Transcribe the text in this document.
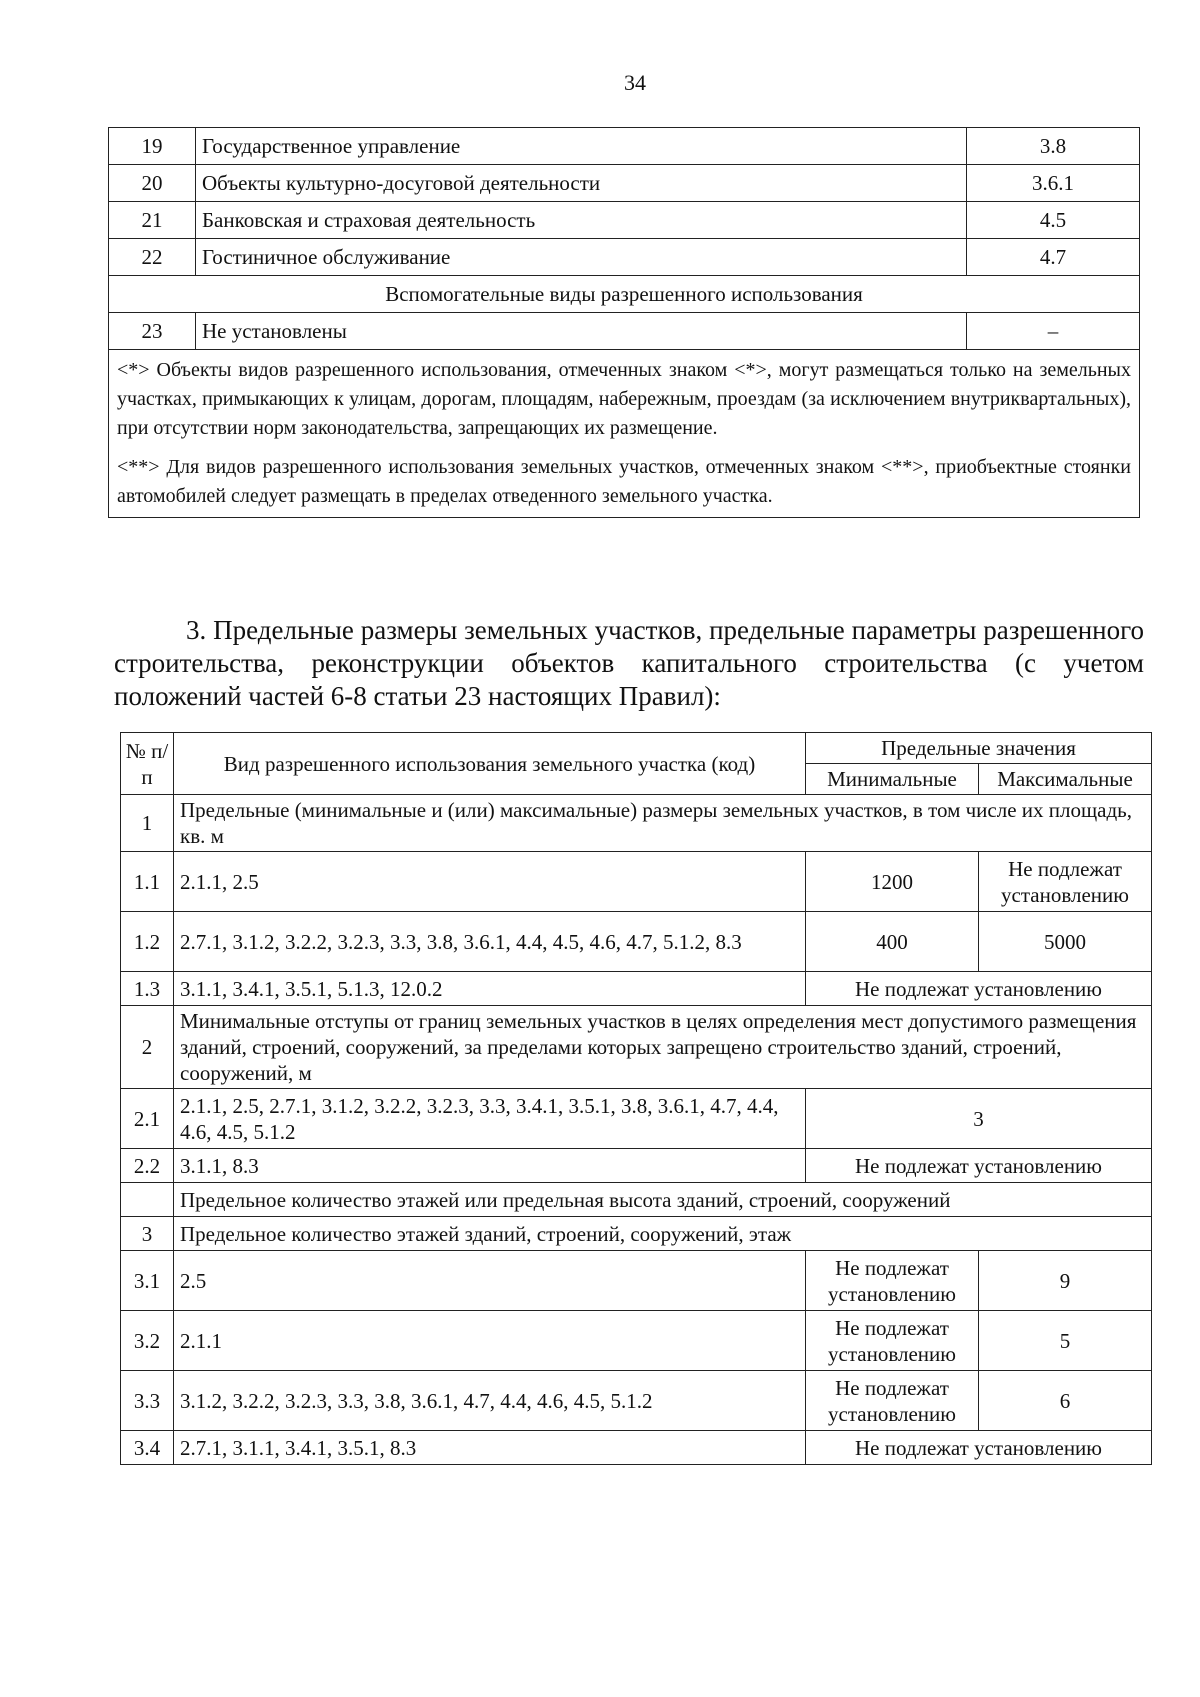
34
19	Государственное управление	3.8
20	Объекты культурно-досуговой деятельности	3.6.1
21	Банковская и страховая деятельность	4.5
22	Гостиничное обслуживание	4.7
Вспомогательные виды разрешенного использования		
23	Не установлены	–

<*> Объекты видов разрешенного использования, отмеченных знаком <*>, могут размещаться только на земельных участках, примыкающих к улицам, дорогам, площадям, набережным, проездам (за исключением внутриквартальных), при отсутствии норм законодательства, запрещающих их размещение.

<**> Для видов разрешенного использования земельных участков, отмеченных знаком <**>, приобъектные стоянки автомобилей следует размещать в пределах отведенного земельного участка.		

3. Предельные размеры земельных участков, предельные параметры разрешенного строительства, реконструкции объектов капитального строительства (с учетом положений частей 6-8 статьи 23 настоящих Правил):
№ п/п	Вид разрешенного использования земельного участка (код)	Предельные значения	
		Минимальные	Максимальные
1	Предельные (минимальные и (или) максимальные) размеры земельных участков, в том числе их площадь, кв. м		
1.1	2.1.1, 2.5	1200	Не подлежат установлению
1.2	2.7.1, 3.1.2, 3.2.2, 3.2.3, 3.3, 3.8, 3.6.1, 4.4, 4.5, 4.6, 4.7, 5.1.2, 8.3	400	5000
1.3	3.1.1, 3.4.1, 3.5.1, 5.1.3, 12.0.2	Не подлежат установлению	
2	Минимальные отступы от границ земельных участков в целях определения мест допустимого размещения зданий, строений, сооружений, за пределами которых запрещено строительство зданий, строений, сооружений, м		
2.1	2.1.1, 2.5, 2.7.1, 3.1.2, 3.2.2, 3.2.3, 3.3, 3.4.1, 3.5.1, 3.8, 3.6.1, 4.7, 4.4, 4.6, 4.5, 5.1.2	3	
2.2	3.1.1, 8.3	Не подлежат установлению	
	Предельное количество этажей или предельная высота зданий, строений, сооружений		
3	Предельное количество этажей зданий, строений, сооружений, этаж		
3.1	2.5	Не подлежат установлению	9
3.2	2.1.1	Не подлежат установлению	5
3.3	3.1.2, 3.2.2, 3.2.3, 3.3, 3.8, 3.6.1, 4.7, 4.4, 4.6, 4.5, 5.1.2	Не подлежат установлению	6
3.4	2.7.1, 3.1.1, 3.4.1, 3.5.1, 8.3	Не подлежат установлению	
